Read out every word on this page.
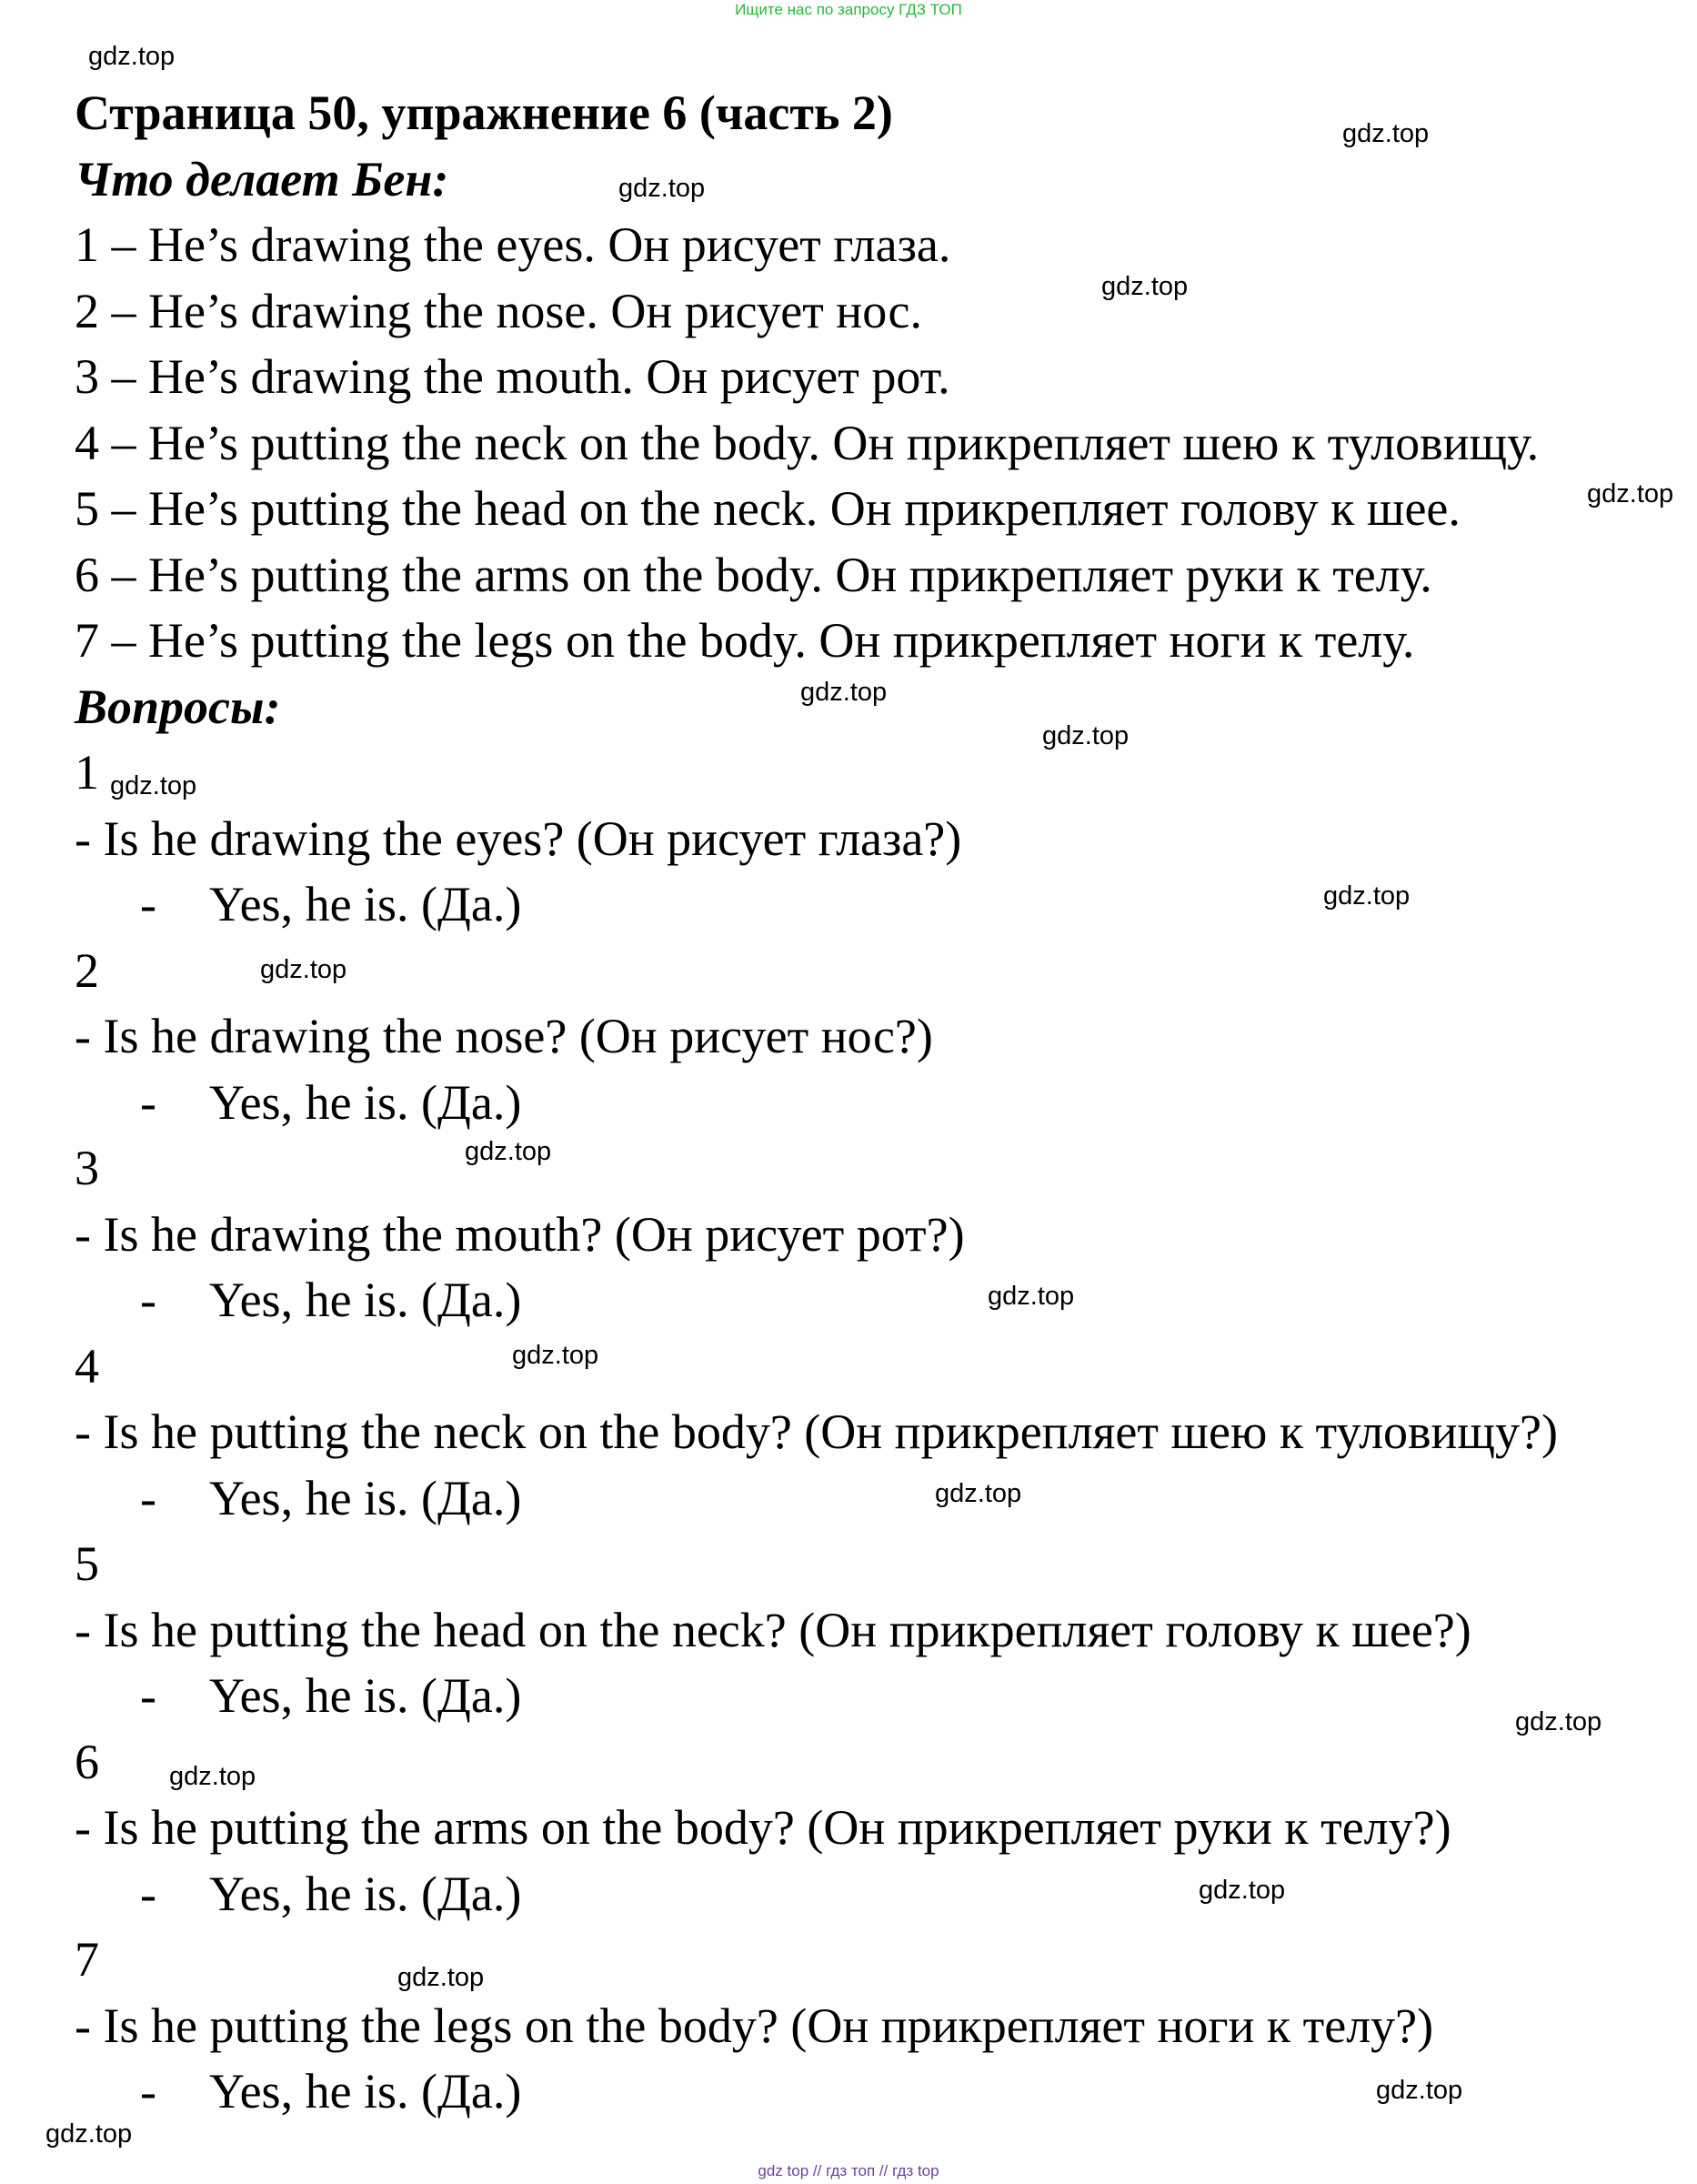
Ищите нас по запросу ГДЗ ТОП
gdz.top
gdz.top
gdz.top
gdz.top
gdz.top
gdz.top
gdz.top
gdz.top
gdz.top
gdz.top
gdz.top
gdz.top
gdz.top
gdz.top
gdz.top
gdz.top
gdz.top
gdz.top
gdz.top
gdz.top
Страница 50, упражнение 6 (часть 2)
Что делает Бен:
1 – He’s drawing the eyes. Он рисует глаза.
2 – He’s drawing the nose. Он рисует нос.
3 – He’s drawing the mouth. Он рисует рот.
4 – He’s putting the neck on the body. Он прикрепляет шею к туловищу.
5 – He’s putting the head on the neck. Он прикрепляет голову к шее.
6 – He’s putting the arms on the body. Он прикрепляет руки к телу.
7 – He’s putting the legs on the body. Он прикрепляет ноги к телу.
Вопросы:
1
- Is he drawing the eyes? (Он рисует глаза?)
- Yes, he is. (Да.)
2
- Is he drawing the nose? (Он рисует нос?)
- Yes, he is. (Да.)
3
- Is he drawing the mouth? (Он рисует рот?)
- Yes, he is. (Да.)
4
- Is he putting the neck on the body? (Он прикрепляет шею к туловищу?)
- Yes, he is. (Да.)
5
- Is he putting the head on the neck? (Он прикрепляет голову к шее?)
- Yes, he is. (Да.)
6
- Is he putting the arms on the body? (Он прикрепляет руки к телу?)
- Yes, he is. (Да.)
7
- Is he putting the legs on the body? (Он прикрепляет ноги к телу?)
- Yes, he is. (Да.)
gdz top // гдз топ // гдз top
